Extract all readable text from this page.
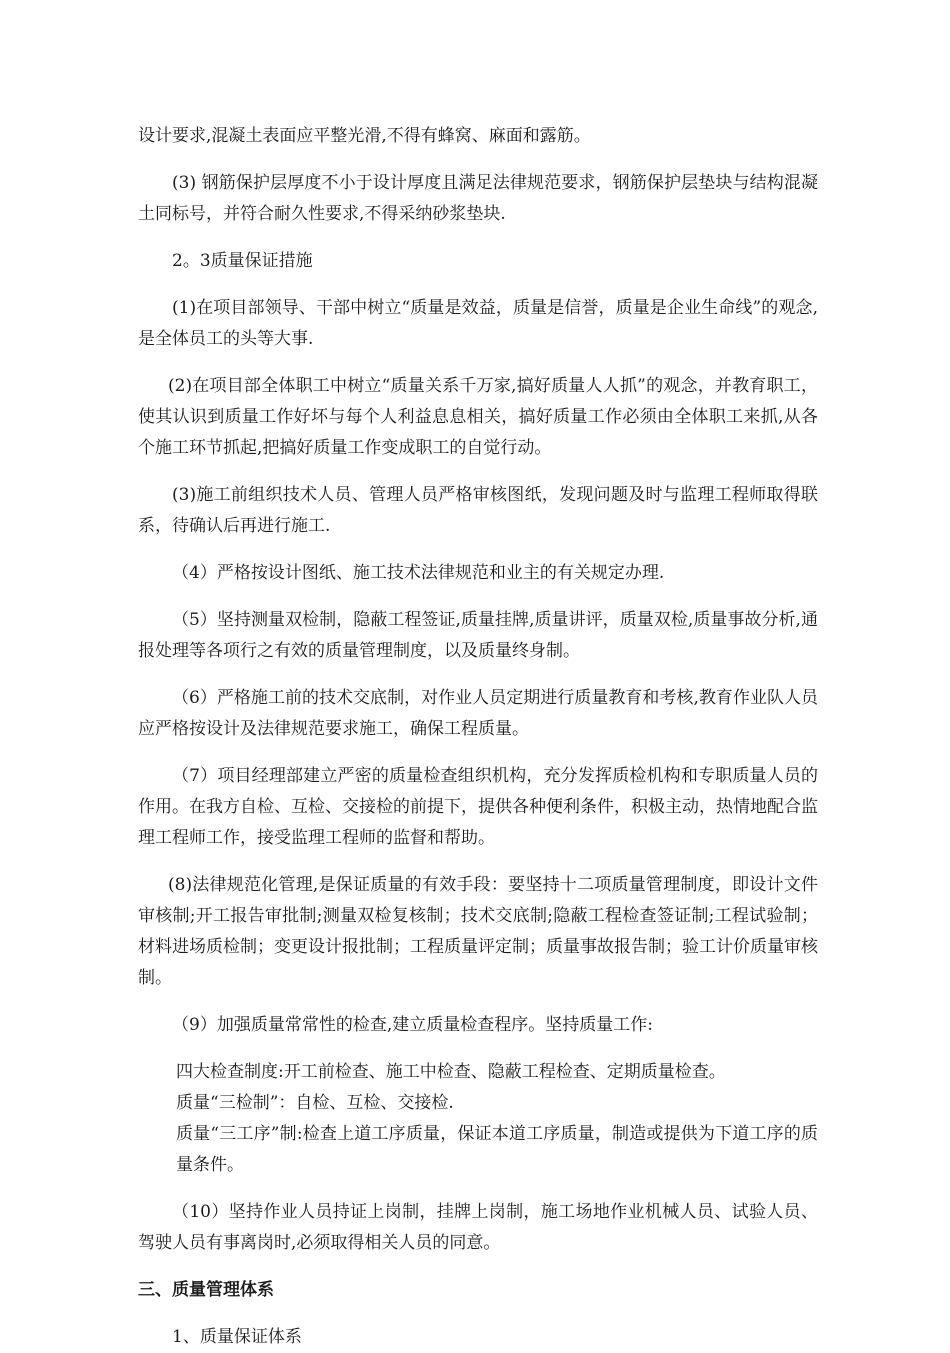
设计要求,混凝土表面应平整光滑,不得有蜂窝、麻面和露筋。

(3) 钢筋保护层厚度不小于设计厚度且满足法律规范要求，钢筋保护层垫块与结构混凝土同标号，并符合耐久性要求,不得采纳砂浆垫块.

2。3质量保证措施

(1)在项目部领导、干部中树立“质量是效益，质量是信誉，质量是企业生命线”的观念,是全体员工的头等大事.

(2)在项目部全体职工中树立“质量关系千万家,搞好质量人人抓”的观念，并教育职工，使其认识到质量工作好坏与每个人利益息息相关，搞好质量工作必须由全体职工来抓,从各个施工环节抓起,把搞好质量工作变成职工的自觉行动。

(3)施工前组织技术人员、管理人员严格审核图纸，发现问题及时与监理工程师取得联系，待确认后再进行施工.

（4）严格按设计图纸、施工技术法律规范和业主的有关规定办理.

（5）坚持测量双检制，隐蔽工程签证,质量挂牌,质量讲评，质量双检,质量事故分析,通报处理等各项行之有效的质量管理制度，以及质量终身制。

（6）严格施工前的技术交底制，对作业人员定期进行质量教育和考核,教育作业队人员应严格按设计及法律规范要求施工，确保工程质量。

（7）项目经理部建立严密的质量检查组织机构，充分发挥质检机构和专职质量人员的作用。在我方自检、互检、交接检的前提下，提供各种便利条件，积极主动，热情地配合监理工程师工作，接受监理工程师的监督和帮助。

(8)法律规范化管理,是保证质量的有效手段：要坚持十二项质量管理制度，即设计文件审核制;开工报告审批制;测量双检复核制；技术交底制;隐蔽工程检查签证制;工程试验制；材料进场质检制；变更设计报批制；工程质量评定制；质量事故报告制；验工计价质量审核制。

（9）加强质量常常性的检查,建立质量检查程序。坚持质量工作:

四大检查制度:开工前检查、施工中检查、隐蔽工程检查、定期质量检查。

质量“三检制”：自检、互检、交接检.

质量“三工序”制:检查上道工序质量，保证本道工序质量，制造或提供为下道工序的质量条件。

（10）坚持作业人员持证上岗制，挂牌上岗制，施工场地作业机械人员、试验人员、驾驶人员有事离岗时,必须取得相关人员的同意。

三、质量管理体系

1、质量保证体系
